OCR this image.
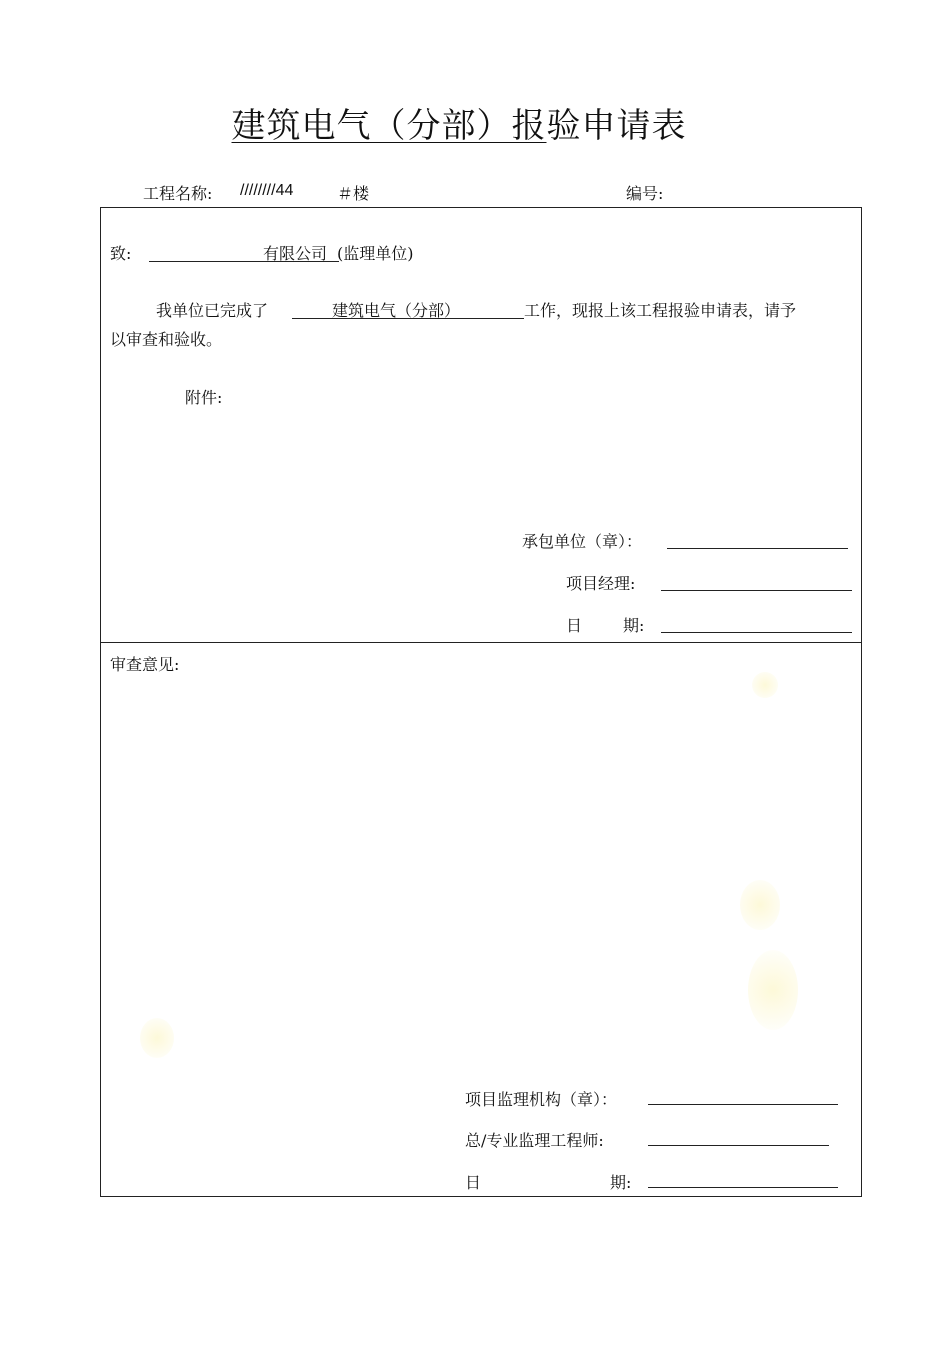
建筑电气（分部）报验申请表
工程名称: ////////44	＃楼	编号:
致:	有限公司 (监理单位)
我单位已完成了	建筑电气（分部）	工作，现报上该工程报验申请表，请予
以审查和验收。
附件:
承包单位（章）：
项目经理:
日	期:
审查意见:
项目监理机构（章）：
总/专业监理工程师:
日	期:
